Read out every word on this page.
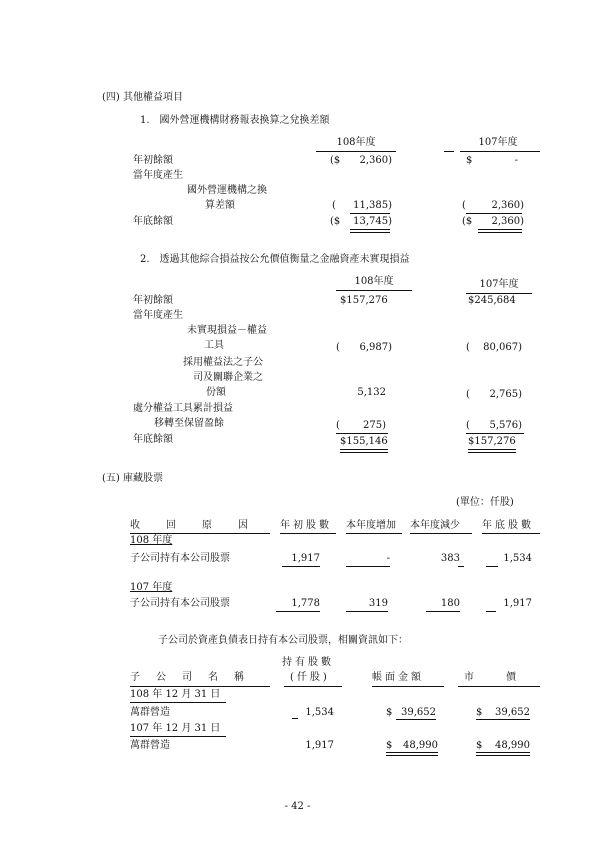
(四) 其他權益項目
1.　國外營運機構財務報表換算之兌換差額
108年度	107年度
年初餘額	($	2,360)	$	-
當年度產生
國外營運機構之換
算差額	(	11,385)	(	2,360)
年底餘額	($	13,745)	($	2,360)
2.　透過其他綜合損益按公允價值衡量之金融資產未實現損益
108年度	107年度
年初餘額	$157,276	$245,684
當年度產生
未實現損益－權益
工具	(	6,987)	(	80,067)
採用權益法之子公
司及關聯企業之
份額	5,132	(	2,765)
處分權益工具累計損益
移轉至保留盈餘	(	275)	(	5,576)
年底餘額	$155,146	$157,276
(五) 庫藏股票
(單位：仟股)
收　回　原　因 年初股數 本年度增加 本年度減少 年底股數
108 年度
子公司持有本公司股票	1,917	-	383	1,534
107 年度
子公司持有本公司股票	1,778	319	180	1,917
子公司於資產負債表日持有本公司股票，相關資訊如下：
持有股數
子　公　司　名　稱	(仟股)	帳面金額	市　　價
108 年 12 月 31 日
萬群營造	1,534	$ 39,652	$	39,652
107 年 12 月 31 日
萬群營造	1,917	$	48,990	$	48,990
- 42 -
